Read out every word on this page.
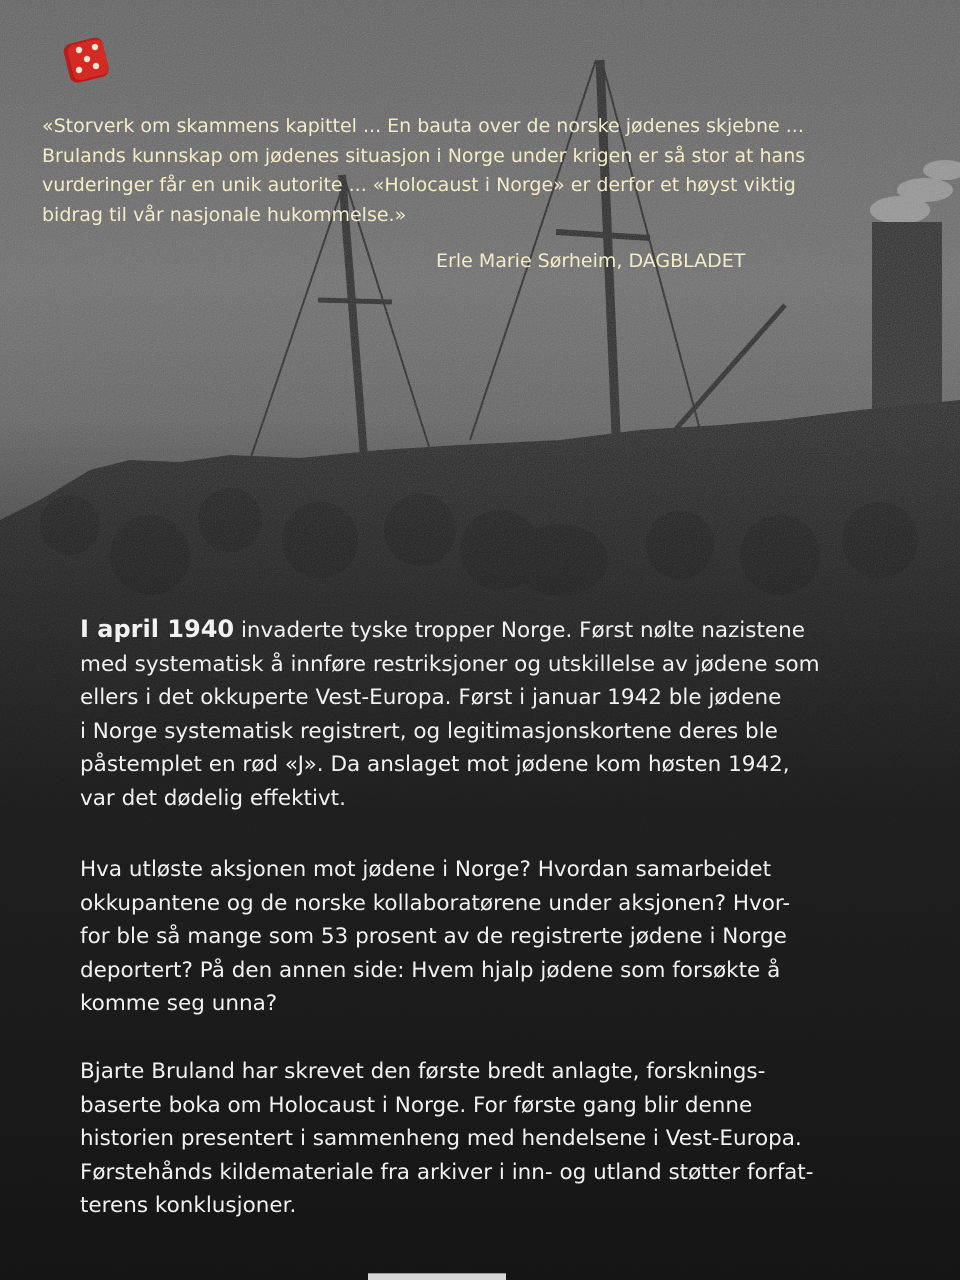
«Storverk om skammens kapittel ... En bauta over de norske jødenes skjebne ...
Brulands kunnskap om jødenes situasjon i Norge under krigen er så stor at hans
vurderinger får en unik autorite ... «Holocaust i Norge» er derfor et høyst viktig
bidrag til vår nasjonale hukommelse.»
Erle Marie Sørheim, DAGBLADET
I april 1940 invaderte tyske tropper Norge. Først nølte nazistene
med systematisk å innføre restriksjoner og utskillelse av jødene som
ellers i det okkuperte Vest-Europa. Først i januar 1942 ble jødene
i Norge systematisk registrert, og legitimasjonskortene deres ble
påstemplet en rød «J». Da anslaget mot jødene kom høsten 1942,
var det dødelig effektivt.
Hva utløste aksjonen mot jødene i Norge? Hvordan samarbeidet
okkupantene og de norske kollaboratørene under aksjonen? Hvor-
for ble så mange som 53 prosent av de registrerte jødene i Norge
deportert? På den annen side: Hvem hjalp jødene som forsøkte å
komme seg unna?
Bjarte Bruland har skrevet den første bredt anlagte, forsknings-
baserte boka om Holocaust i Norge. For første gang blir denne
historien presentert i sammenheng med hendelsene i Vest-Europa.
Førstehånds kildemateriale fra arkiver i inn- og utland støtter forfat-
terens konklusjoner.
